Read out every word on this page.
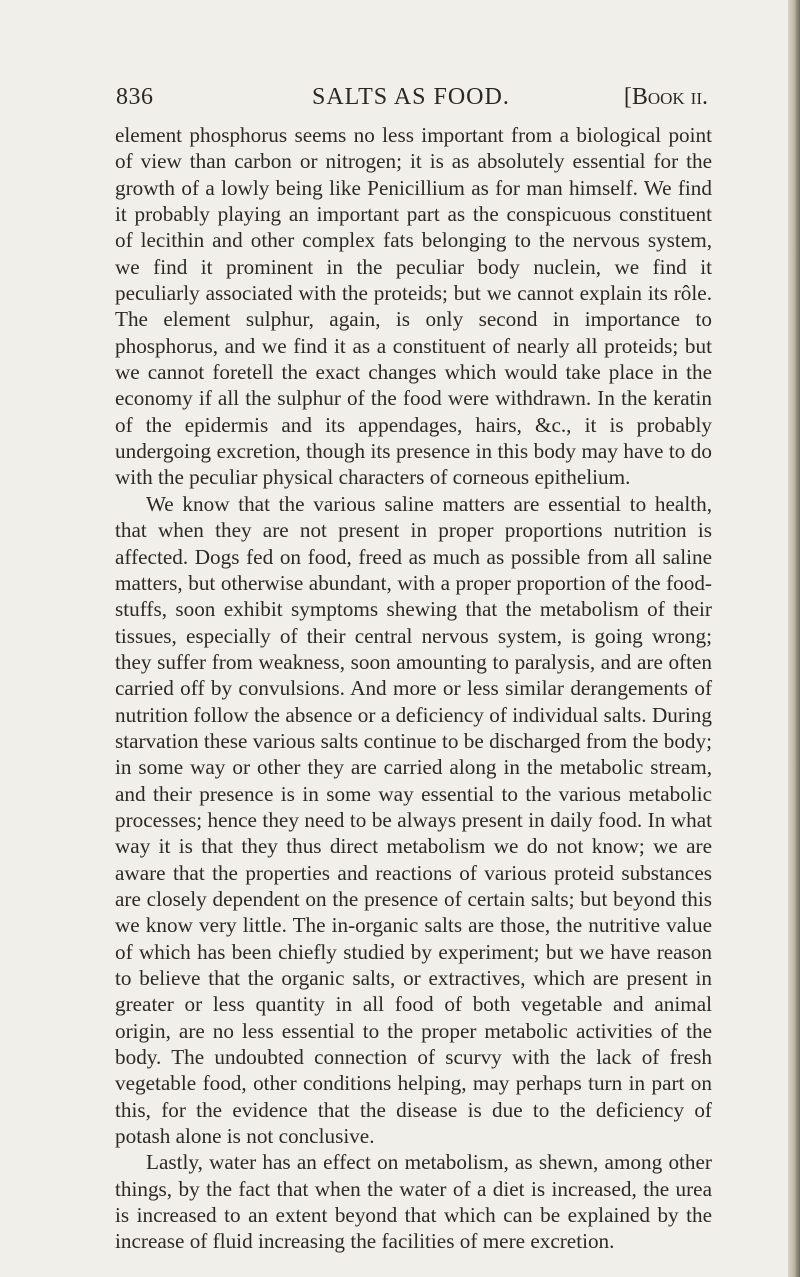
836	SALTS AS FOOD.	[Book ii.

element phosphorus seems no less important from a biological point of view than carbon or nitrogen; it is as absolutely essential for the growth of a lowly being like Penicillium as for man himself. We find it probably playing an important part as the conspicuous constituent of lecithin and other complex fats belonging to the nervous system, we find it prominent in the peculiar body nuclein, we find it peculiarly associated with the proteids; but we cannot explain its rôle. The element sulphur, again, is only second in importance to phosphorus, and we find it as a constituent of nearly all proteids; but we cannot foretell the exact changes which would take place in the economy if all the sulphur of the food were withdrawn. In the keratin of the epidermis and its appendages, hairs, &c., it is probably undergoing excretion, though its presence in this body may have to do with the peculiar physical characters of corneous epithelium.

We know that the various saline matters are essential to health, that when they are not present in proper proportions nutrition is affected. Dogs fed on food, freed as much as possible from all saline matters, but otherwise abundant, with a proper proportion of the food-stuffs, soon exhibit symptoms shewing that the metabolism of their tissues, especially of their central nervous system, is going wrong; they suffer from weakness, soon amounting to paralysis, and are often carried off by convulsions. And more or less similar derangements of nutrition follow the absence or a deficiency of individual salts. During starvation these various salts continue to be discharged from the body; in some way or other they are carried along in the metabolic stream, and their presence is in some way essential to the various metabolic processes; hence they need to be always present in daily food. In what way it is that they thus direct metabolism we do not know; we are aware that the properties and reactions of various proteid substances are closely dependent on the presence of certain salts; but beyond this we know very little. The in-organic salts are those, the nutritive value of which has been chiefly studied by experiment; but we have reason to believe that the organic salts, or extractives, which are present in greater or less quantity in all food of both vegetable and animal origin, are no less essential to the proper metabolic activities of the body. The undoubted connection of scurvy with the lack of fresh vegetable food, other conditions helping, may perhaps turn in part on this, for the evidence that the disease is due to the deficiency of potash alone is not conclusive.

Lastly, water has an effect on metabolism, as shewn, among other things, by the fact that when the water of a diet is increased, the urea is increased to an extent beyond that which can be explained by the increase of fluid increasing the facilities of mere excretion.
